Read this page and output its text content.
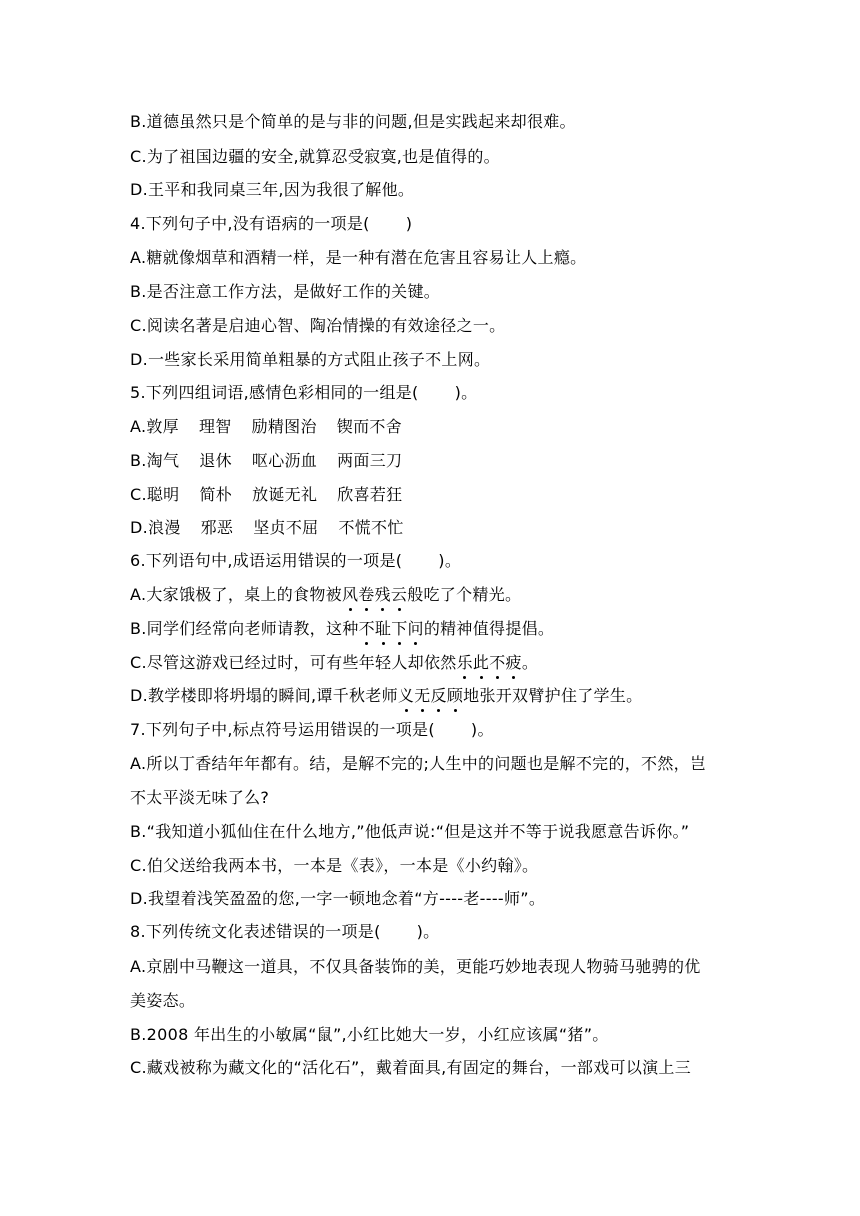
B.道德虽然只是个简单的是与非的问题,但是实践起来却很难。
C.为了祖国边疆的安全,就算忍受寂寞,也是值得的。
D.王平和我同桌三年,因为我很了解他。
4.下列句子中,没有语病的一项是( )
A.糖就像烟草和酒精一样，是一种有潜在危害且容易让人上瘾。
B.是否注意工作方法，是做好工作的关键。
C.阅读名著是启迪心智、陶冶情操的有效途径之一。
D.一些家长采用简单粗暴的方式阻止孩子不上网。
5.下列四组词语,感情色彩相同的一组是( )。
A.敦厚 理智 励精图治 锲而不舍
B.淘气 退休 呕心沥血 两面三刀
C.聪明 简朴 放诞无礼 欣喜若狂
D.浪漫 邪恶 坚贞不屈 不慌不忙
6.下列语句中,成语运用错误的一项是( )。
A.大家饿极了，桌上的食物被风卷残云般吃了个精光。
B.同学们经常向老师请教，这种不耻下问的精神值得提倡。
C.尽管这游戏已经过时，可有些年轻人却依然乐此不疲。
D.教学楼即将坍塌的瞬间,谭千秋老师义无反顾地张开双臂护住了学生。
7.下列句子中,标点符号运用错误的一项是( )。
A.所以丁香结年年都有。结，是解不完的;人生中的问题也是解不完的，不然，岂
不太平淡无味了么?
B.“我知道小狐仙住在什么地方,”他低声说:“但是这并不等于说我愿意告诉你。”
C.伯父送给我两本书，一本是《表》，一本是《小约翰》。
D.我望着浅笑盈盈的您,一字一顿地念着“方----老----师”。
8.下列传统文化表述错误的一项是( )。
A.京剧中马鞭这一道具，不仅具备装饰的美，更能巧妙地表现人物骑马驰骋的优
美姿态。
B.2008 年出生的小敏属“鼠”,小红比她大一岁，小红应该属“猪”。
C.藏戏被称为藏文化的“活化石”，戴着面具,有固定的舞台，一部戏可以演上三
